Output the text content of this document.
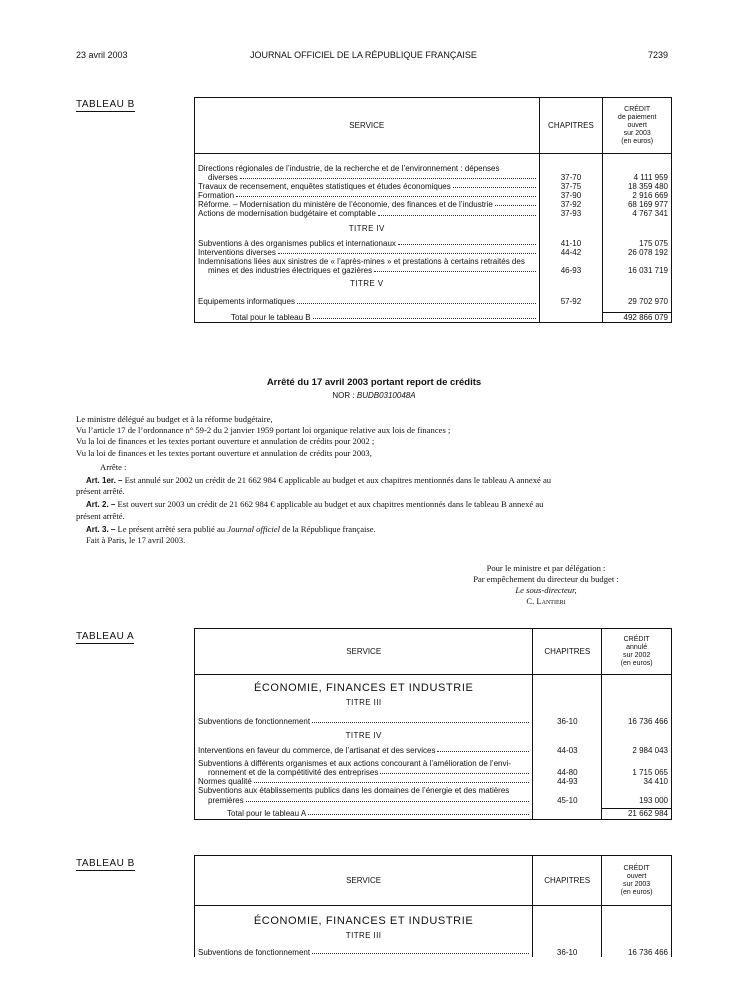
23 avril 2003	JOURNAL OFFICIEL DE LA RÉPUBLIQUE FRANÇAISE	7239
TABLEAU B
SERVICE	CHAPITRES	CRÉDIT
de paiement
ouvert
sur 2003
(en euros)

Directions régionales de l’industrie, de la recherche et de l’environnement : dépenses
diverses	37-70	4 111 959

Travaux de recensement, enquêtes statistiques et études économiques	37-75	18 359 480

Formation	37-90	2 916 669

Réforme. – Modernisation du ministère de l’économie, des finances et de l’industrie	37-92	68 169 977

Actions de modernisation budgétaire et comptable	37-93	4 767 341
TITRE IV		

Subventions à des organismes publics et internationaux	41-10	175 075

Interventions diverses	44-42	26 078 192

Indemnisations liées aux sinistres de « l’après-mines » et prestations à certains retraités des
mines et des industries électriques et gazières	46-93	16 031 719
TITRE V		

Equipements informatiques	57-92	29 702 970

Total pour le tableau B		492 866 079
Arrêté du 17 avril 2003 portant report de crédits
NOR : BUDB0310048A

Le ministre délégué au budget et à la réforme budgétaire,

Vu l’article 17 de l’ordonnance n° 59-2 du 2 janvier 1959 portant loi organique relative aux lois de finances ;

Vu la loi de finances et les textes portant ouverture et annulation de crédits pour 2002 ;

Vu la loi de finances et les textes portant ouverture et annulation de crédits pour 2003,

Arrête :

Art. 1er. – Est annulé sur 2002 un crédit de 21 662 984 € applicable au budget et aux chapitres mentionnés dans le tableau A annexé au

présent arrêté.

Art. 2. – Est ouvert sur 2003 un crédit de 21 662 984 € applicable au budget et aux chapitres mentionnés dans le tableau B annexé au

présent arrêté.

Art. 3. – Le présent arrêté sera publié au Journal officiel de la République française.

Fait à Paris, le 17 avril 2003.

Pour le ministre et par délégation :
Par empêchement du directeur du budget :
Le sous-directeur,
C. Lantieri
TABLEAU A
SERVICE	CHAPITRES	CRÉDIT
annulé
sur 2002
(en euros)

ÉCONOMIE, FINANCES ET INDUSTRIE		
TITRE III		

Subventions de fonctionnement	36-10	16 736 466
TITRE IV		

Interventions en faveur du commerce, de l’artisanat et des services	44-03	2 984 043

Subventions à différents organismes et aux actions concourant à l’amélioration de l’envi-
ronnement et de la compétitivité des entreprises	44-80	1 715 065

Normes qualité	44-93	34 410

Subventions aux établissements publics dans les domaines de l’énergie et des matières
premières	45-10	193 000

Total pour le tableau A		21 662 984
TABLEAU B
SERVICE	CHAPITRES	CRÉDIT
ouvert
sur 2003
(en euros)

ÉCONOMIE, FINANCES ET INDUSTRIE		
TITRE III		

Subventions de fonctionnement	36-10	16 736 466
